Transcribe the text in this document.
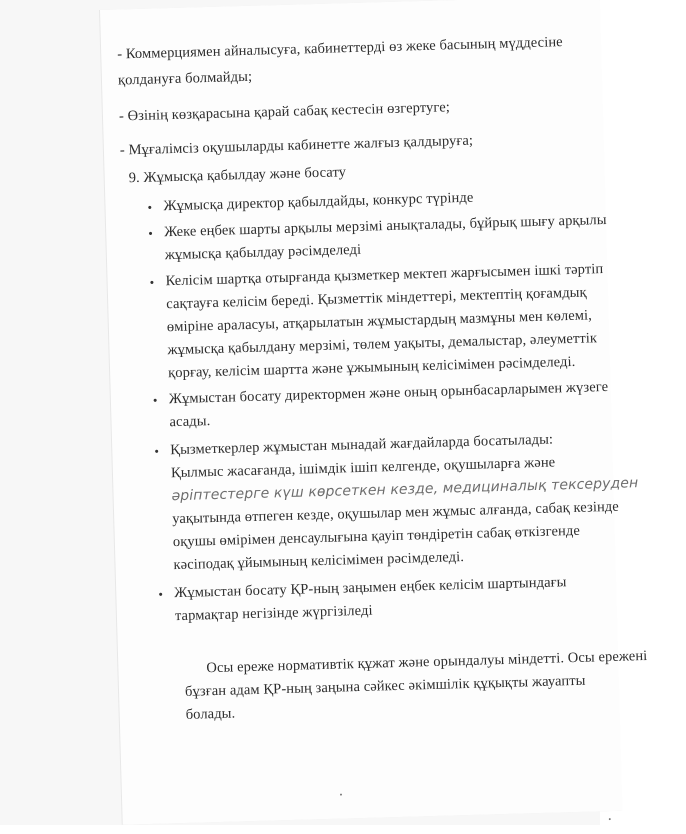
- Коммерциямен айналысуға, кабинеттерді өз жеке басының мүддесіне
қолдануға болмайды;
- Өзінің көзқарасына қарай сабақ кестесін өзгертуге;
- Мұғалімсіз оқушыларды кабинетте жалғыз қалдыруға;
9. Жұмысқа қабылдау және босату
• Жұмысқа директор қабылдайды, конкурс түрінде
• Жеке еңбек шарты арқылы мерзімі анықталады, бұйрық шығу арқылы
жұмысқа қабылдау рәсімделеді
• Келісім шартқа отырғанда қызметкер мектеп жарғысымен ішкі тәртіп
сақтауға келісім береді. Қызметтік міндеттері, мектептің қоғамдық
өміріне араласуы, атқарылатын жұмыстардың мазмұны мен көлемі,
жұмысқа қабылдану мерзімі, төлем уақыты, демалыстар, әлеуметтік
қорғау, келісім шартта және ұжымының келісімімен рәсімделеді.
• Жұмыстан босату директормен және оның орынбасарларымен жүзеге
асады.
• Қызметкерлер жұмыстан мынадай жағдайларда босатылады:
Қылмыс жасағанда, ішімдік ішіп келгенде, оқушыларға және
әріптестерге күш көрсеткен кезде, медициналық тексеруден
уақытында өтпеген кезде, оқушылар мен жұмыс алғанда, сабақ кезінде
оқушы өмірімен денсаулығына қауіп төндіретін сабақ өткізгенде
кәсіподақ ұйымының келісімімен рәсімделеді.
• Жұмыстан босату ҚР-ның заңымен еңбек келісім шартындағы
тармақтар негізінде жүргізіледі
Осы ереже нормативтік құжат және орындалуы міндетті. Осы ережені
бұзған адам ҚР-ның заңына сәйкес әкімшілік құқықты жауапты
болады.
